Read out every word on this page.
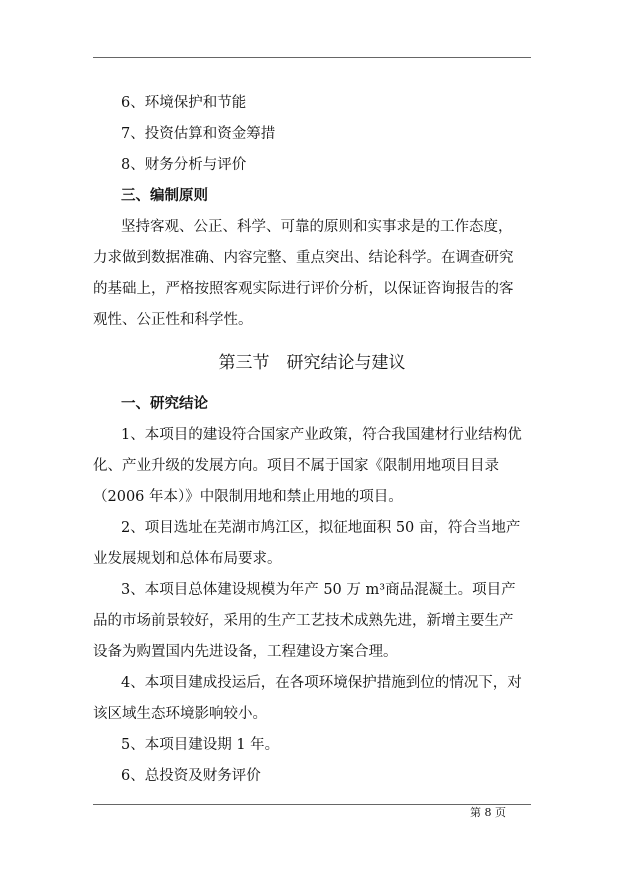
6、环境保护和节能
7、投资估算和资金筹措
8、财务分析与评价
三、编制原则
坚持客观、公正、科学、可靠的原则和实事求是的工作态度，
力求做到数据准确、内容完整、重点突出、结论科学。在调查研究
的基础上，严格按照客观实际进行评价分析，以保证咨询报告的客
观性、公正性和科学性。
第三节　研究结论与建议
一、研究结论
1、本项目的建设符合国家产业政策，符合我国建材行业结构优
化、产业升级的发展方向。项目不属于国家《限制用地项目目录
（2006 年本）》中限制用地和禁止用地的项目。
2、项目选址在芜湖市鸠江区，拟征地面积 50 亩，符合当地产
业发展规划和总体布局要求。
3、本项目总体建设规模为年产 50 万 m³商品混凝土。项目产
品的市场前景较好，采用的生产工艺技术成熟先进，新增主要生产
设备为购置国内先进设备，工程建设方案合理。
4、本项目建成投运后，在各项环境保护措施到位的情况下，对
该区域生态环境影响较小。
5、本项目建设期 1 年。
6、总投资及财务评价
第 8 页
